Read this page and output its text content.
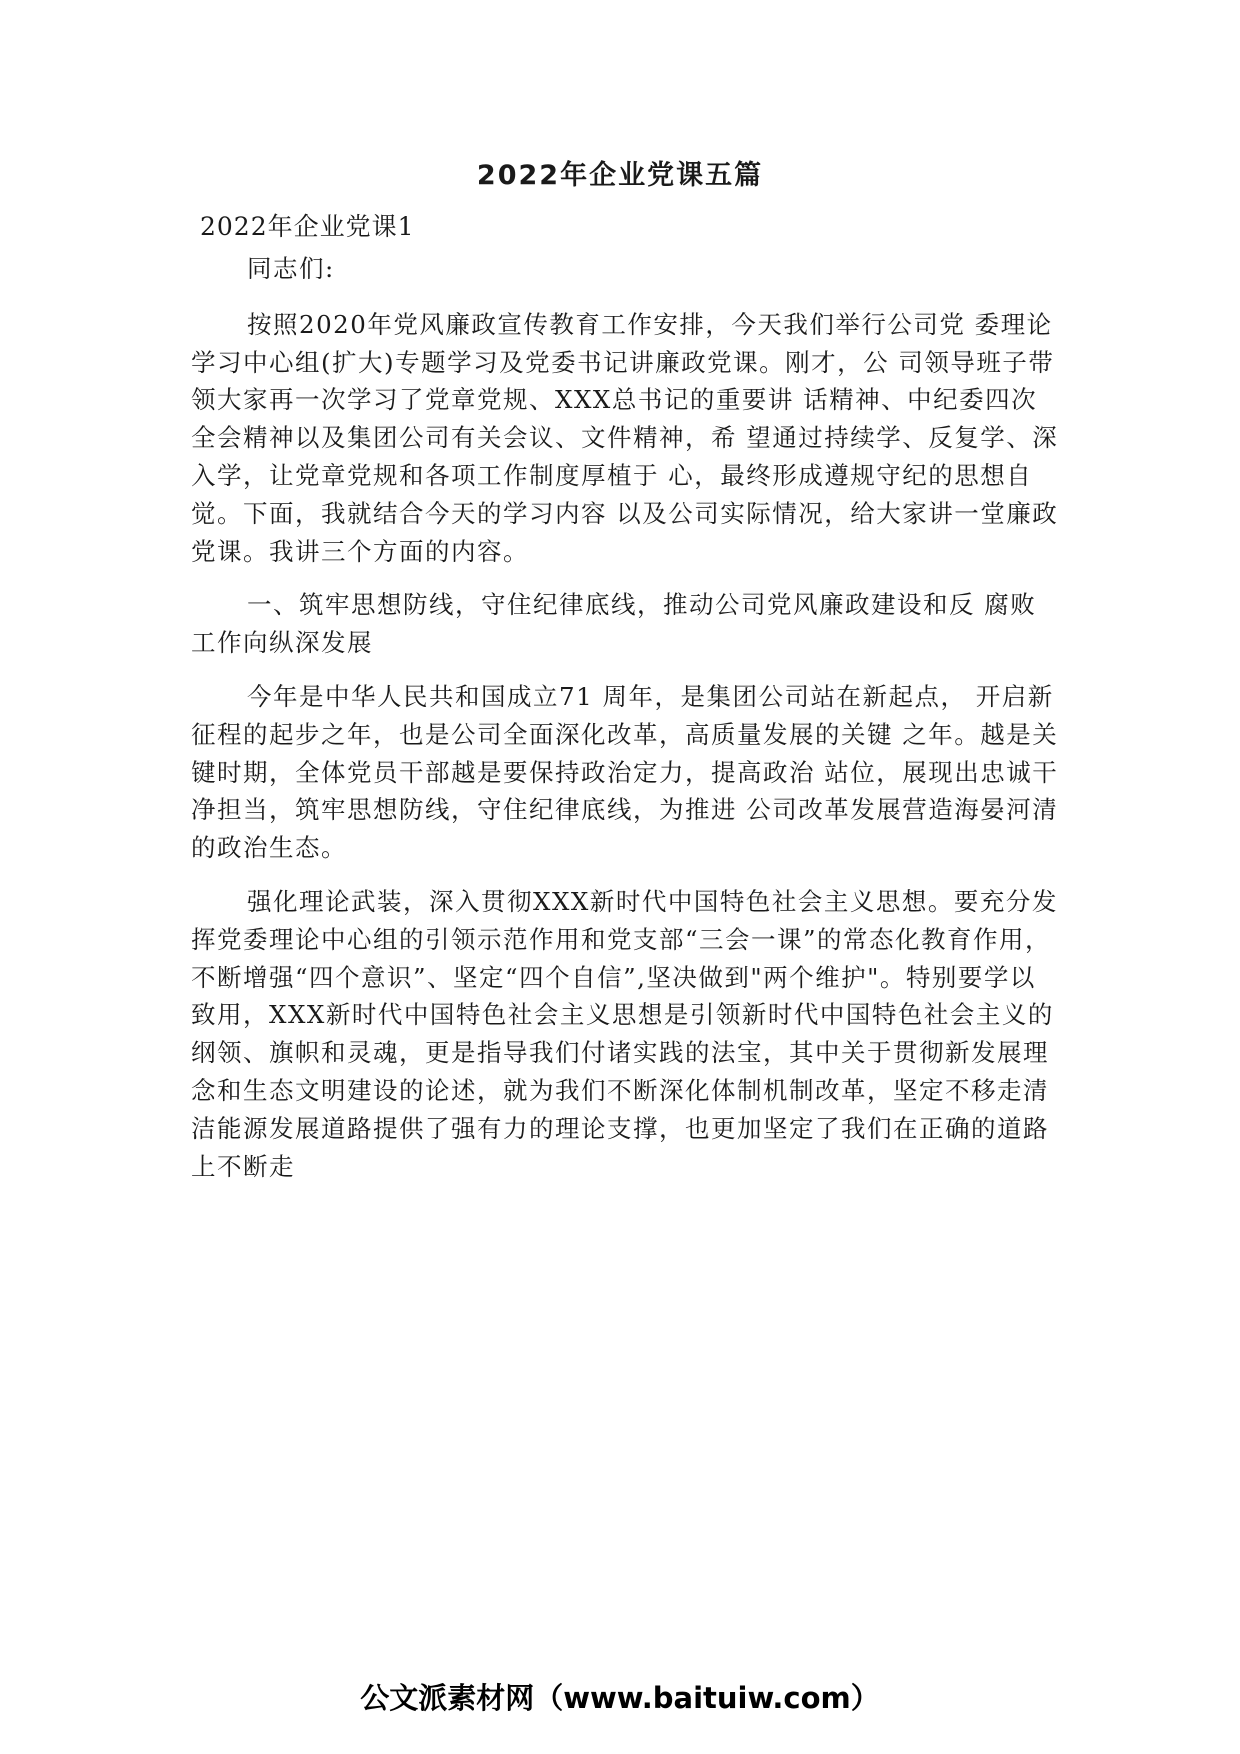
2022年企业党课五篇
2022年企业党课1

同志们:

按照2020年党风廉政宣传教育工作安排，今天我们举行公司党 委理论学习中心组(扩大)专题学习及党委书记讲廉政党课。刚才，公 司领导班子带领大家再一次学习了党章党规、XXX总书记的重要讲 话精神、中纪委四次全会精神以及集团公司有关会议、文件精神，希 望通过持续学、反复学、深入学，让党章党规和各项工作制度厚植于 心，最终形成遵规守纪的思想自觉。下面，我就结合今天的学习内容 以及公司实际情况，给大家讲一堂廉政党课。我讲三个方面的内容。

一、筑牢思想防线，守住纪律底线，推动公司党风廉政建设和反 腐败工作向纵深发展

今年是中华人民共和国成立71 周年，是集团公司站在新起点， 开启新征程的起步之年，也是公司全面深化改革，高质量发展的关键 之年。越是关键时期，全体党员干部越是要保持政治定力，提高政治 站位，展现出忠诚干净担当，筑牢思想防线，守住纪律底线，为推进 公司改革发展营造海晏河清的政治生态。

强化理论武装，深入贯彻XXX新时代中国特色社会主义思想。要充分发挥党委理论中心组的引领示范作用和党支部“三会一课”的常态化教育作用，不断增强“四个意识”、坚定“四个自信”,坚决做到"两个维护"。特别要学以致用，XXX新时代中国特色社会主义思想是引领新时代中国特色社会主义的纲领、旗帜和灵魂，更是指导我们付诸实践的法宝，其中关于贯彻新发展理念和生态文明建设的论述，就为我们不断深化体制机制改革，坚定不移走清洁能源发展道路提供了强有力的理论支撑，也更加坚定了我们在正确的道路上不断走

公文派素材网（www.baituiw.com）
